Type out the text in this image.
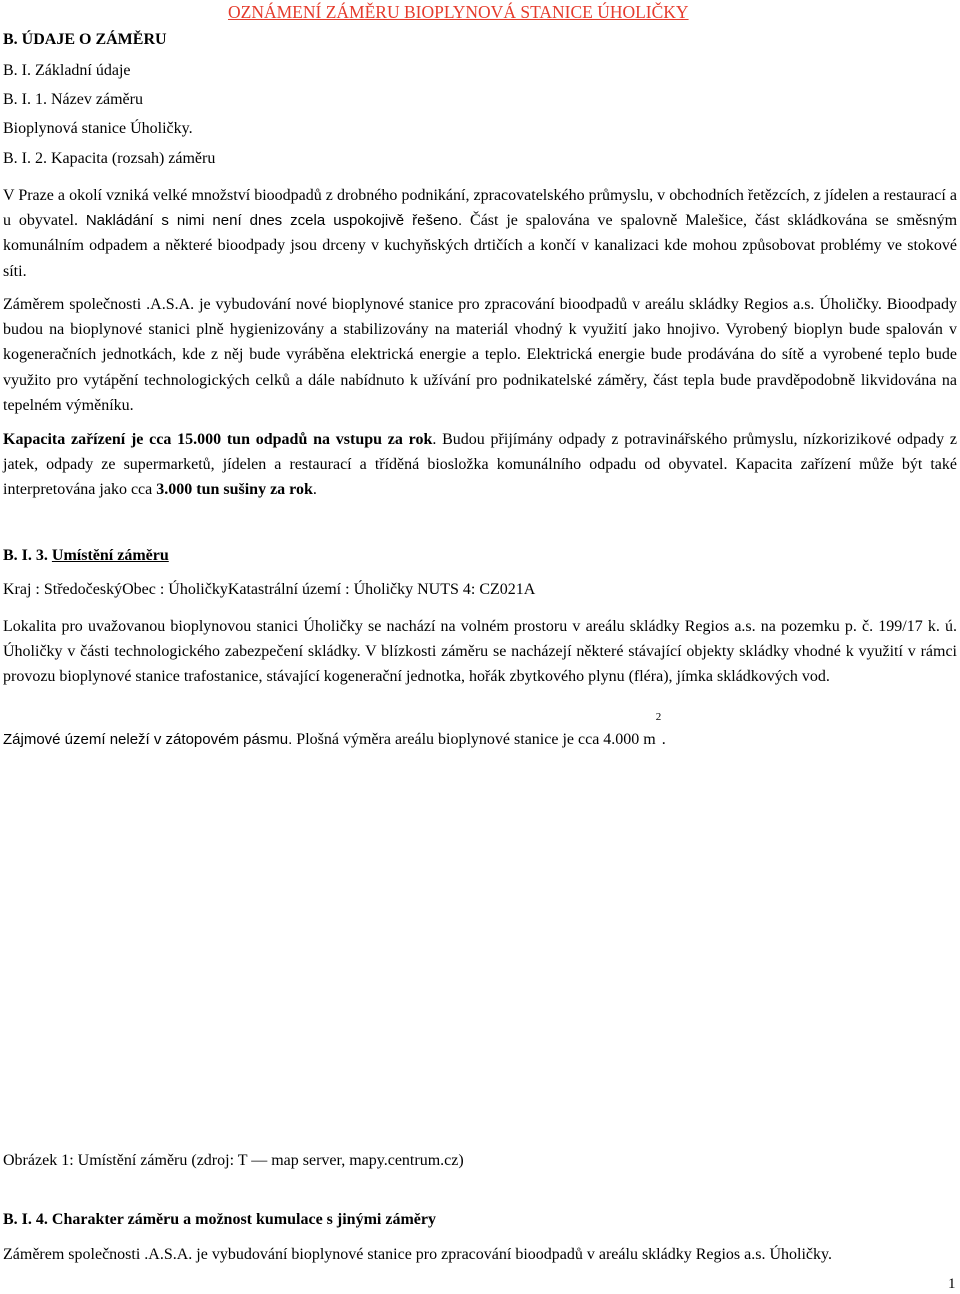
OZNÁMENÍ ZÁMĚRU BIOPLYNOVÁ STANICE ÚHOLIČKY
B. ÚDAJE O ZÁMĚRU
B. I. Základní údaje
B. I. 1. Název záměru
Bioplynová stanice Úholičky.
B. I. 2. Kapacita (rozsah) záměru
V Praze a okolí vzniká velké množství bioodpadů z drobného podnikání, zpracovatelského průmyslu, v obchodních řetězcích, z jídelen a restaurací a u obyvatel. Nakládání s nimi není dnes zcela uspokojivě řešeno. Část je spalována ve spalovně Malešice, část skládkována se směsným komunálním odpadem a některé bioodpady jsou drceny v kuchyňských drtičích a končí v kanalizaci kde mohou způsobovat problémy ve stokové síti.
Záměrem společnosti .A.S.A. je vybudování nové bioplynové stanice pro zpracování bioodpadů v areálu skládky Regios a.s. Úholičky. Bioodpady budou na bioplynové stanici plně hygienizovány a stabilizovány na materiál vhodný k využití jako hnojivo. Vyrobený bioplyn bude spalován v kogeneračních jednotkách, kde z něj bude vyráběna elektrická energie a teplo. Elektrická energie bude prodávána do sítě a vyrobené teplo bude využito pro vytápění technologických celků a dále nabídnuto k užívání pro podnikatelské záměry, část tepla bude pravděpodobně likvidována na tepelném výměníku.
Kapacita zařízení je cca 15.000 tun odpadů na vstupu za rok. Budou přijímány odpady z potravinářského průmyslu, nízkorizikové odpady z jatek, odpady ze supermarketů, jídelen a restaurací a tříděná biosložka komunálního odpadu od obyvatel. Kapacita zařízení může být také interpretována jako cca 3.000 tun sušiny za rok.
B. I. 3. Umístění záměru
Kraj : StředočeskýObec : ÚholičkyKatastrální území : Úholičky NUTS 4: CZ021A
Lokalita pro uvažovanou bioplynovou stanici Úholičky se nachází na volném prostoru v areálu skládky Regios a.s. na pozemku p. č. 199/17 k. ú. Úholičky v části technologického zabezpečení skládky. V blízkosti záměru se nacházejí některé stávající objekty skládky vhodné k využití v rámci provozu bioplynové stanice trafostanice, stávající kogenerační jednotka, hořák zbytkového plynu (fléra), jímka skládkových vod.
Zájmové území neleží v zátopovém pásmu. Plošná výměra areálu bioplynové stanice je cca 4.000 m
2
.
Obrázek 1: Umístění záměru (zdroj: T — map server, mapy.centrum.cz)
B. I. 4. Charakter záměru a možnost kumulace s jinými záměry
Záměrem společnosti .A.S.A. je vybudování bioplynové stanice pro zpracování bioodpadů v areálu skládky Regios a.s. Úholičky.
1
